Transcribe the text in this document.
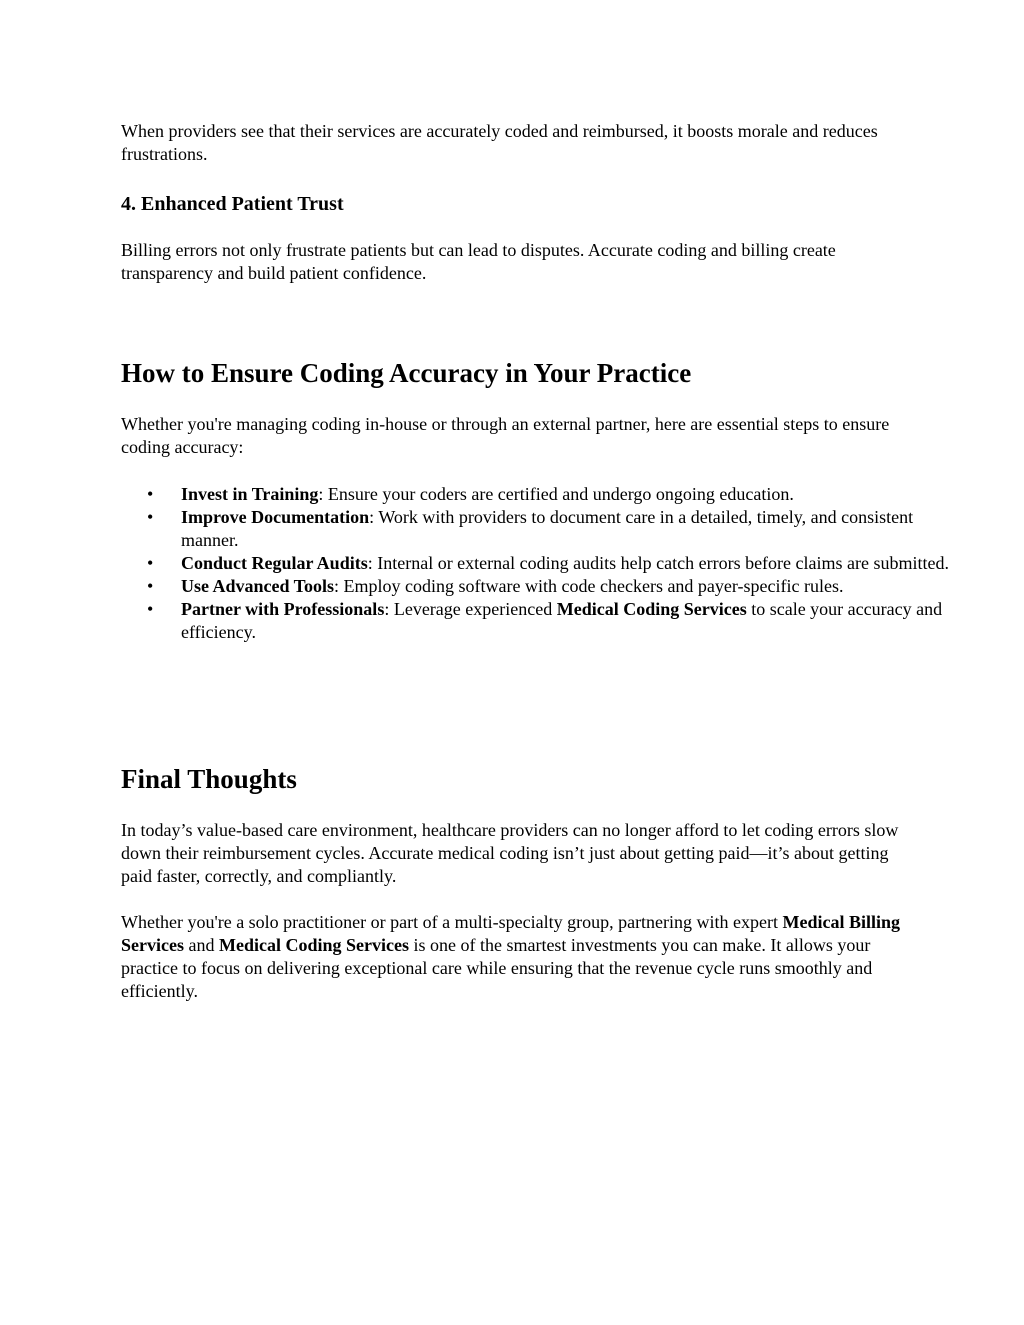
When providers see that their services are accurately coded and reimbursed, it boosts morale and reduces frustrations.

4. Enhanced Patient Trust

Billing errors not only frustrate patients but can lead to disputes. Accurate coding and billing create transparency and build patient confidence.

How to Ensure Coding Accuracy in Your Practice

Whether you're managing coding in-house or through an external partner, here are essential steps to ensure coding accuracy:

• Invest in Training: Ensure your coders are certified and undergo ongoing education.
• Improve Documentation: Work with providers to document care in a detailed, timely, and consistent manner.
• Conduct Regular Audits: Internal or external coding audits help catch errors before claims are submitted.
• Use Advanced Tools: Employ coding software with code checkers and payer-specific rules.
• Partner with Professionals: Leverage experienced Medical Coding Services to scale your accuracy and efficiency.
Final Thoughts

In today’s value-based care environment, healthcare providers can no longer afford to let coding errors slow down their reimbursement cycles. Accurate medical coding isn’t just about getting paid—it’s about getting paid faster, correctly, and compliantly.

Whether you're a solo practitioner or part of a multi-specialty group, partnering with expert Medical Billing Services and Medical Coding Services is one of the smartest investments you can make. It allows your practice to focus on delivering exceptional care while ensuring that the revenue cycle runs smoothly and efficiently.
